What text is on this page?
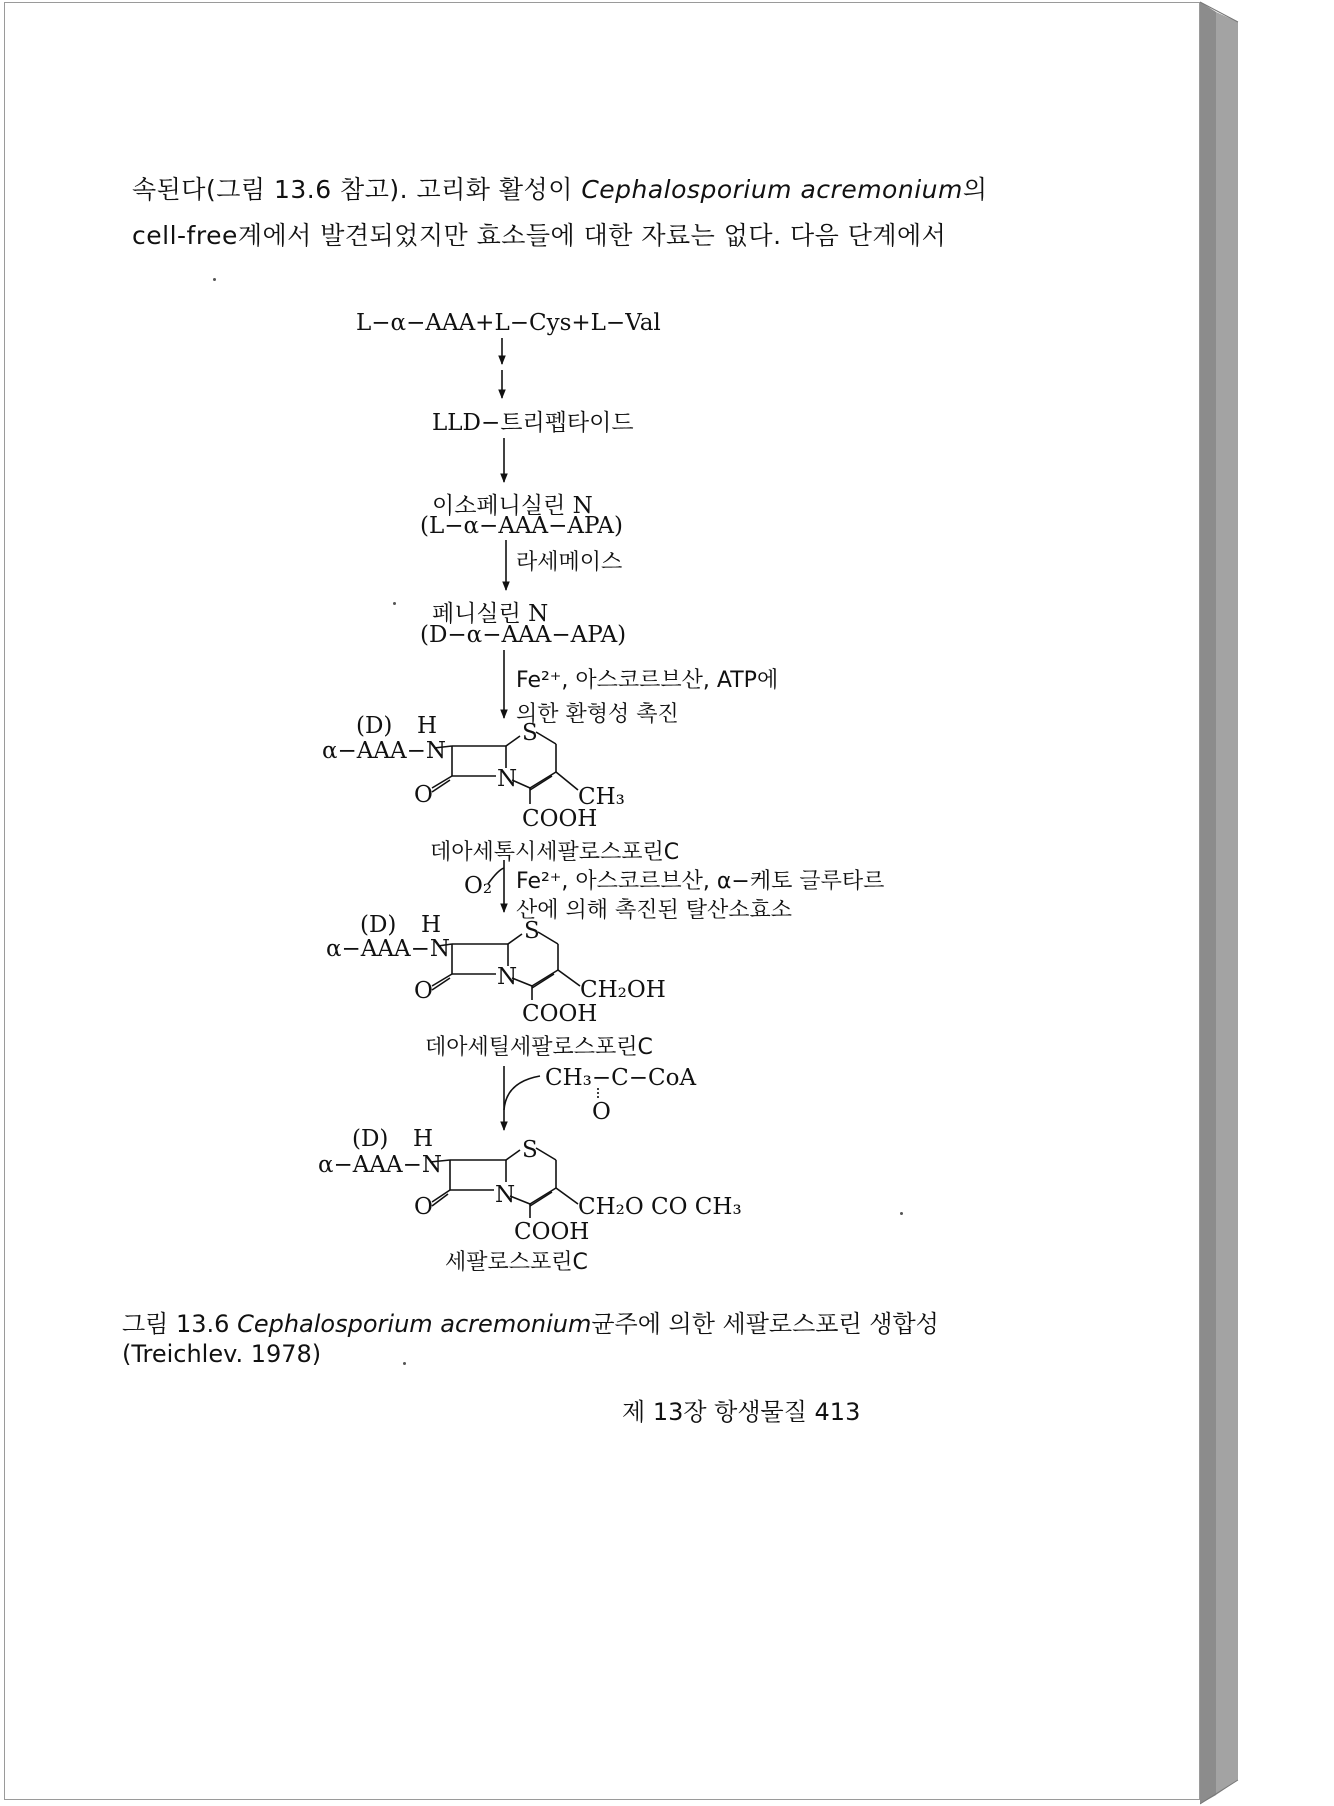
속된다(그림 13.6 참고). 고리화 활성이 Cephalosporium acremonium의
cell-free계에서 발견되었지만 효소들에 대한 자료는 없다. 다음 단계에서
L−α−AAA+L−Cys+L−Val
LLD−트리펩타이드
이소페니실린 N
(L−α−AAA−APA)
라세메이스
페니실린 N
(D−α−AAA−APA)
Fe²⁺, 아스코르브산, ATP에
의한 환형성 촉진
(D) H
α−AAA−N
S
N
O	CH₃
COOH
데아세톡시세팔로스포린C
O₂ Fe²⁺, 아스코르브산, α−케토 글루타르
산에 의해 촉진된 탈산소효소
(D) H
α−AAA−N
S
N
O	CH₂OH
COOH
데아세틸세팔로스포린C
CH₃−C−CoA
O
(D) H
α−AAA−N
S
N
O	CH₂O CO CH₃
COOH
세팔로스포린C
그림 13.6 Cephalosporium acremonium균주에 의한 세팔로스포린 생합성
(Treichlev. 1978)
제 13장 항생물질 413
